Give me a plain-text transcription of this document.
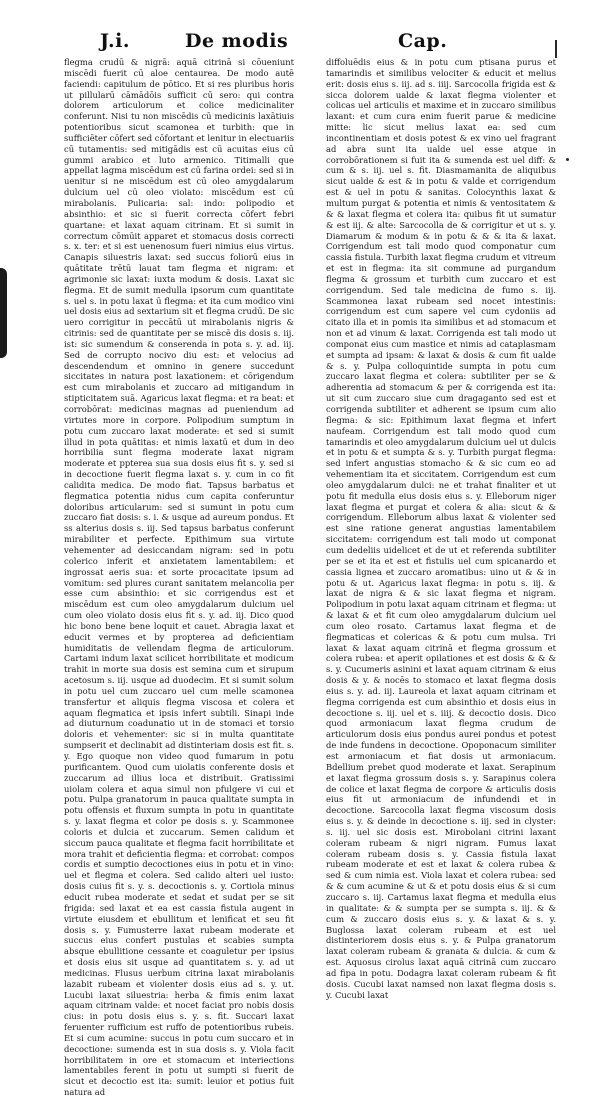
J.i.	De modis	Cap.
flegma crudū & nigrā: aquā citrinā si cōueniunt miscēdi fuerit cū aloe centaurea. De modo autē faciendi: capitulum de pōtico. Et si res pluribus horis ut pillularū cāmādōis sufficit cū sero: qui contra dolorem articulorum et colice medicinaliter conferunt. Nisi tu non miscēdis cū medicinis laxātiuis potentioribus sicut scamonea et turbith: que in sufficiēter cōfert sed cōfortant et lenitur in electuariis cū tutamentis: sed mitigādis est cū acuitas eius cū gummi arabico et luto armenico. Titimalli que appellat lagma miscēdum est cū farina ordei: sed si in uenitur si ne miscēdum est cū oleo amygdalarum dulcium uel cū oleo violato: miscēdum est cū mirabolanis. Pulicaria: sal: indo: polipodio et absinthio: et sic si fuerit correcta cōfert febri quartane: et laxat aquam citrinam. Et si sumit in correctum cōmūit apparet et stomacus dosis correcti s. x. ter: et si est uenenosum fueri nimius eius virtus. Canapis siluestris laxat: sed succus foliorū eius in quātitate trētū lauat tam flegma et nigram: et agrimonie sic laxat: iuxta modum & dosis. Laxat sic flegma. Et de sumit medulla ipsorum cum quantitate s. uel s. in potu laxat ū flegma: et ita cum modico vini uel dosis eius ad sextarium sit et flegma crudū. De sic uero corrigitur in peccātū ut mirabolanis nigris & citrinis: sed de quantitate per se miscē dis dosis s. iij. ist: sic sumendum & conserenda in pota s. y. ad. iij. Sed de corrupto nocivo diu est: et velocius ad descendendum et omnino in genere succedunt siccitates in natura post laxationem: et cōrigendum est cum mirabolanis et zuccaro ad mitigandum in stipticitatem suā. Agaricus laxat flegma: et ra beat: et corrobōrat: medicinas magnas ad pueniendum ad virtutes more in corpore. Polipodium sumptum in potu cum zuccaro laxat moderate: et sed si sumit illud in pota quātitas: et nimis laxatū et dum in deo horribilia sunt flegma moderate laxat nigram moderate et ppterea sua sua dosis eius fit s. y. sed si in decoctione fuerit flegma laxat s. y. cum in co fit calidita medica. De modo fiat. Tapsus barbatus et flegmatica potentia nidus cum capita conferuntur doloribus articularum: sed si sumunt in potu cum zuccaro fiat dosis: s. i. & usque ad aureum pondus. Et ss alterius dosis s. iij. Sed tapsus barbatus conferunt mirabiliter et perfecte. Epithimum sua virtute vehementer ad desiccandam nigram: sed in potu colerico inferit et anxietatem lamentabilem: et ingrossat aeris sua: et sorte procacitate ipsum ad vomitum: sed plures curant sanitatem melancolia per esse cum absinthio: et sic corrigendus est et miscēdum est cum oleo amygdalarum dulcium uel cum oleo violato dosis eius fit s. y. ad. iij. Dico quod hic bono bene bene loquit et cauet. Abragia laxat et educit vermes et by propterea ad deficientiam humiditatis de vellendam flegma de articulorum. Cartami indum laxat scilicet horribilitate et modicum trahit in morte sua dosis est semina cum et sirupum acetosum s. iij. usque ad duodecim. Et si sumit solum in potu uel cum zuccaro uel cum melle scamonea transfertur et aliquis flegma viscosa et colera et aquam flegmatica et ipsis infert subtili. Sinapi inde ad diuturnum coadunatio ut in de stomaci et torsio doloris et vehementer: sic si in multa quantitate sumpserit et declinabit ad distinteriam dosis est fit. s. y. Ego quoque non video quod fumarum in potu purificantem. Quod cum uiolatis conferente dosis et zuccarum ad illius loca et distribuit. Gratissimi uiolam colera et aqua simul non pfulgere vi cui et potu. Pulpa granatorum in pauca qualitate sumpta in potu offensis et fluxum sumpta in potu in quantitate s. y. laxat flegma et color pe dosis s. y. Scammonee coloris et dulcia et zuccarum. Semen calidum et siccum pauca qualitate et flegma facit horribilitate et mora trahit et deficientia flegma: et corrobat: compos cordis et sumptio decoctiones eius in potu et in vino: uel et flegma et colera. Sed calido alteri uel iusto: dosis cuius fit s. y. s. decoctionis s. y. Cortiola minus educit rubea moderate et sedat et sudat per se sit frigida: sed laxat et ea est cassia fistula augent in virtute eiusdem et ebullitum et lenificat et seu fit dosis s. y. Fumusterre laxat rubeam moderate et succus eius confert pustulas et scabies sumpta absque ebullitione cessante et coaguletur per ipsius et dosis eius sit usque ad quantitatem s. y. ad ut medicinas. Flusus uerbum citrina laxat mirabolanis lazabit rubeam et violenter dosis eius ad s. y. ut. Lucubi laxat siluestria: herba & fimis enim laxat aquam citrinam valde: et nocet faciat pro nobis dosis cius: in potu dosis eius s. y. s. fit. Succari laxat feruenter rufficium est ruffo de potentioribus rubeis. Et si cum acumine: succus in potu cum succaro et in decoctione: sumenda est in sua dosis s. y. Viola facit horribilitatem in ore et stomacum et interiections lamentabiles ferent in potu ut sumpti si fuerit de sicut et decoctio est ita: sumit: leuior et potius fuit natura ad
diffoluēdis eius & in potu cum ptisana purus et tamarindis et similibus velociter & educit et melius erit: dosis eius s. iij. ad s. iiij. Sarcocolla frigida est & sicca dolorem ualde & laxat flegma violenter et colicas uel articulis et maxime et in zuccaro similibus laxant: et cum cura enim fuerit parue & medicine mitte: lic sicut melius laxat ea: sed cum incontinentiam et dosis potest & ex vino uel fragrant ad abra sunt ita ualde uel esse atque in corrobōrationem si fuit ita & sumenda est uel diff: & cum & s. iij. uel s. fit. Diasmamanita de aliquibus sicut ualde & est & in potu & valde et corrigendum est & uel in potu & sanitas. Colocynthis laxat & multum purgat & potentia et nimis & ventositatem & & & laxat flegma et colera ita: quibus fit ut sumatur & est iij. & alte: Sarcocolla de & corrigitur et ut s. y. Diamarum & modum & in potu & & & ita & laxat. Corrigendum est tali modo quod componatur cum cassia fistula. Turbith laxat flegma crudum et vitreum et est in flegma: ita sit commune ad purgandum flegma & grossum et turbith cum zuccaro et est corrigendum. Sed tale medicina de fumo s. iij. Scammonea laxat rubeam sed nocet intestinis: corrigendum est cum sapere vel cum cydoniis ad citato illa et in pomis ita similibus et ad stomacum et non et ad vinum & laxat. Corrigenda est tali modo ut componat eius cum mastice et nimis ad cataplasmam et sumpta ad ipsam: & laxat & dosis & cum fit ualde & s. y. Pulpa colloquintide sumpta in potu cum zuccaro laxat flegma et colera: subtiliter per se & adherentia ad stomacum & per & corrigenda est ita: ut sit cum zuccaro siue cum dragaganto sed est et corrigenda subtiliter et adherent se ipsum cum alio flegma: & sic: Epithimum laxat flegma et infert naufeam. Corrigendum est tali modo quod cum tamarindis et oleo amygdalarum dulcium uel ut dulcis et in potu & et sumpta & s. y. Turbith purgat flegma: sed infert angustias stomacho & & sic cum eo ad vehementiam ita et siccitatem. Corrigendum est cum oleo amygdalarum dulci: ne et trahat finaliter et ut potu fit medulla eius dosis eius s. y. Elleborum niger laxat flegma et purgat et colera & alia: sicut & & corrigendum. Elleborum albus laxat & violenter sed est sine ratione generat angustias lamentabilem siccitatem: corrigendum est tali modo ut componat cum dedeliis uidelicet et de ut et referenda subtiliter per se et ita et est et fistulis uel cum spicanardo et cassia lignea et zuccaro aromatibus: uino ut & & in potu & ut. Agaricus laxat flegma: in potu s. iij. & laxat de nigra & & sic laxat flegma et nigram. Polipodium in potu laxat aquam citrinam et flegma: ut & laxat & et fit cum oleo amygdalarum dulcium uel cum oleo rosato. Cartamus laxat flegma et de flegmaticas et colericas & & potu cum mulsa. Tri laxat & laxat aquam citrinā et flegma grossum et colera rubea: et aperit opilationes et est dosis & & & s. y. Cucumeris asinini et laxat aquam citrinam & eius dosis & y. & nocēs to stomaco et laxat flegma dosis eius s. y. ad. iij. Laureola et laxat aquam citrinam et flegma corrigenda est cum absinthio et dosis eius in decoctione s. iij. uel et s. iiij. & decoctio dosis. Dico quod armoniacum laxat flegma crudum de articulorum dosis eius pondus aurei pondus et potest de inde fundens in decoctione. Opoponacum similiter est armoniacum et fiat dosis ut armoniacum. Bdellium prebet quod moderate et laxat. Serapinum et laxat flegma grossum dosis s. y. Sarapinus colera de colice et laxat flegma de corpore & articulis dosis eius fit ut armoniacum de infundendi et in decoctione. Sarcocolla laxat flegma viscosum dosis eius s. y. & deinde in decoctione s. iij. sed in clyster: s. iij. uel sic dosis est. Mirobolani citrini laxant coleram rubeam & nigri nigram. Fumus laxat coleram rubeam dosis s. y. Cassia fistula laxat rubeam moderate et est et laxat & colera rubea & sed & cum nimia est. Viola laxat et colera rubea: sed & & cum acumine & ut & et potu dosis eius & si cum zuccaro s. iij. Cartamus laxat flegma et medulla eius in qualitate: & & sumpta per se sumpta s. iij. & & cum & zuccaro dosis eius s. y. & laxat & s. y. Buglossa laxat coleram rubeam et est uel distinteriorem dosis eius s. y. & Pulpa granatorum laxat coleram rubeam & granata & dulcia. & cum & est. Aquosus cirolus laxat aquā citrinā cum zuccaro ad fipa in potu. Dodagra laxat coleram rubeam & fit dosis. Cucubi laxat namsed non laxat flegma dosis s. y. Cucubi laxat
